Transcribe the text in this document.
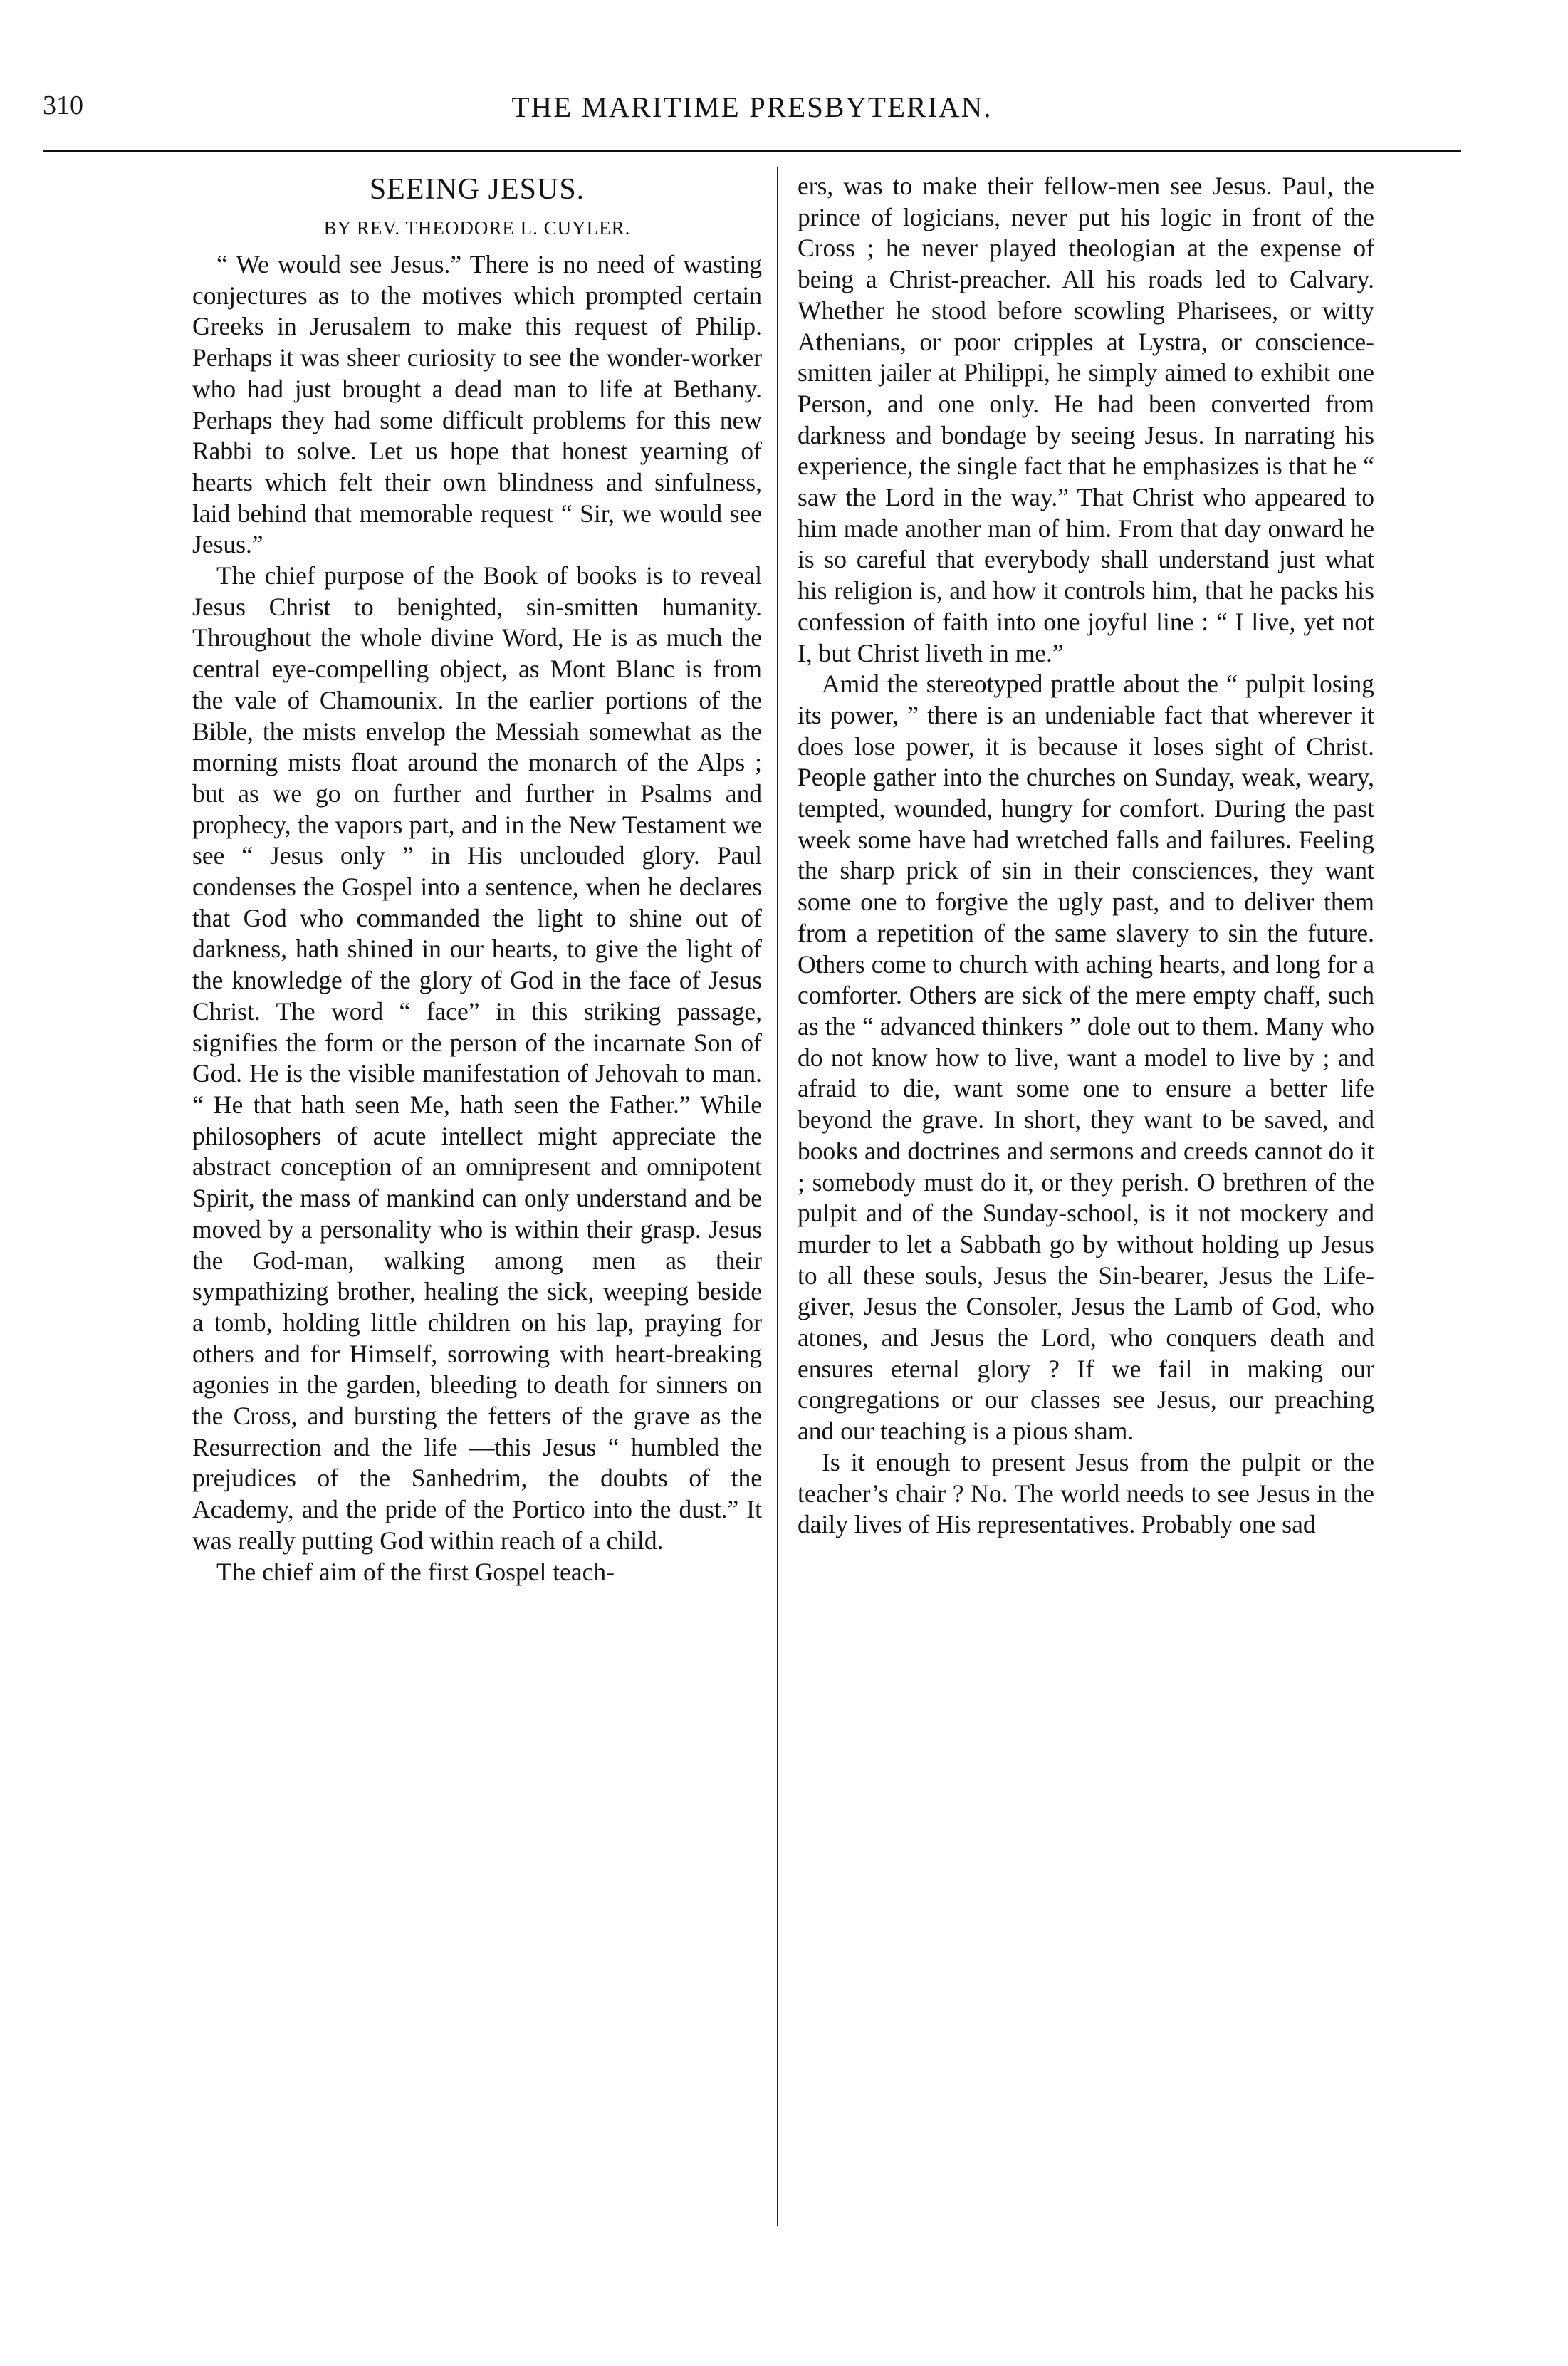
310	THE MARITIME PRESBYTERIAN.
SEEING JESUS.
BY REV. THEODORE L. CUYLER.

“ We would see Jesus.” There is no need of wasting conjectures as to the motives which prompted certain Greeks in Jerusalem to make this request of Philip. Perhaps it was sheer curiosity to see the wonder-worker who had just brought a dead man to life at Bethany. Perhaps they had some difficult problems for this new Rabbi to solve. Let us hope that honest yearning of hearts which felt their own blindness and sinfulness, laid behind that memorable request “ Sir, we would see Jesus.”

The chief purpose of the Book of books is to reveal Jesus Christ to benighted, sin-smitten humanity. Throughout the whole divine Word, He is as much the central eye-compelling object, as Mont Blanc is from the vale of Chamounix. In the earlier portions of the Bible, the mists envelop the Messiah somewhat as the morning mists float around the monarch of the Alps ; but as we go on further and further in Psalms and prophecy, the vapors part, and in the New Testament we see “ Jesus only ” in His unclouded glory. Paul condenses the Gospel into a sentence, when he declares that God who commanded the light to shine out of darkness, hath shined in our hearts, to give the light of the knowledge of the glory of God in the face of Jesus Christ. The word “ face” in this striking passage, signifies the form or the person of the incarnate Son of God. He is the visible manifestation of Jehovah to man. “ He that hath seen Me, hath seen the Father.” While philosophers of acute intellect might appreciate the abstract conception of an omnipresent and omnipotent Spirit, the mass of mankind can only understand and be moved by a personality who is within their grasp. Jesus the God-man, walking among men as their sympathizing brother, healing the sick, weeping beside a tomb, holding little children on his lap, praying for others and for Himself, sorrowing with heart-breaking agonies in the garden, bleeding to death for sinners on the Cross, and bursting the fetters of the grave as the Resurrection and the life —this Jesus “ humbled the prejudices of the Sanhedrim, the doubts of the Academy, and the pride of the Portico into the dust.” It was really putting God within reach of a child.

The chief aim of the first Gospel teach-

ers, was to make their fellow-men see Jesus. Paul, the prince of logicians, never put his logic in front of the Cross ; he never played theologian at the expense of being a Christ-preacher. All his roads led to Calvary. Whether he stood before scowling Pharisees, or witty Athenians, or poor cripples at Lystra, or conscience-smitten jailer at Philippi, he simply aimed to exhibit one Person, and one only. He had been converted from darkness and bondage by seeing Jesus. In narrating his experience, the single fact that he emphasizes is that he “ saw the Lord in the way.” That Christ who appeared to him made another man of him. From that day onward he is so careful that everybody shall understand just what his religion is, and how it controls him, that he packs his confession of faith into one joyful line : “ I live, yet not I, but Christ liveth in me.”

Amid the stereotyped prattle about the “ pulpit losing its power, ” there is an undeniable fact that wherever it does lose power, it is because it loses sight of Christ. People gather into the churches on Sunday, weak, weary, tempted, wounded, hungry for comfort. During the past week some have had wretched falls and failures. Feeling the sharp prick of sin in their consciences, they want some one to forgive the ugly past, and to deliver them from a repetition of the same slavery to sin the future. Others come to church with aching hearts, and long for a comforter. Others are sick of the mere empty chaff, such as the “ advanced thinkers ” dole out to them. Many who do not know how to live, want a model to live by ; and afraid to die, want some one to ensure a better life beyond the grave. In short, they want to be saved, and books and doctrines and sermons and creeds cannot do it ; somebody must do it, or they perish. O brethren of the pulpit and of the Sunday-school, is it not mockery and murder to let a Sabbath go by without holding up Jesus to all these souls, Jesus the Sin-bearer, Jesus the Life-giver, Jesus the Consoler, Jesus the Lamb of God, who atones, and Jesus the Lord, who conquers death and ensures eternal glory ? If we fail in making our congregations or our classes see Jesus, our preaching and our teaching is a pious sham.

Is it enough to present Jesus from the pulpit or the teacher’s chair ? No. The world needs to see Jesus in the daily lives of His representatives. Probably one sad
